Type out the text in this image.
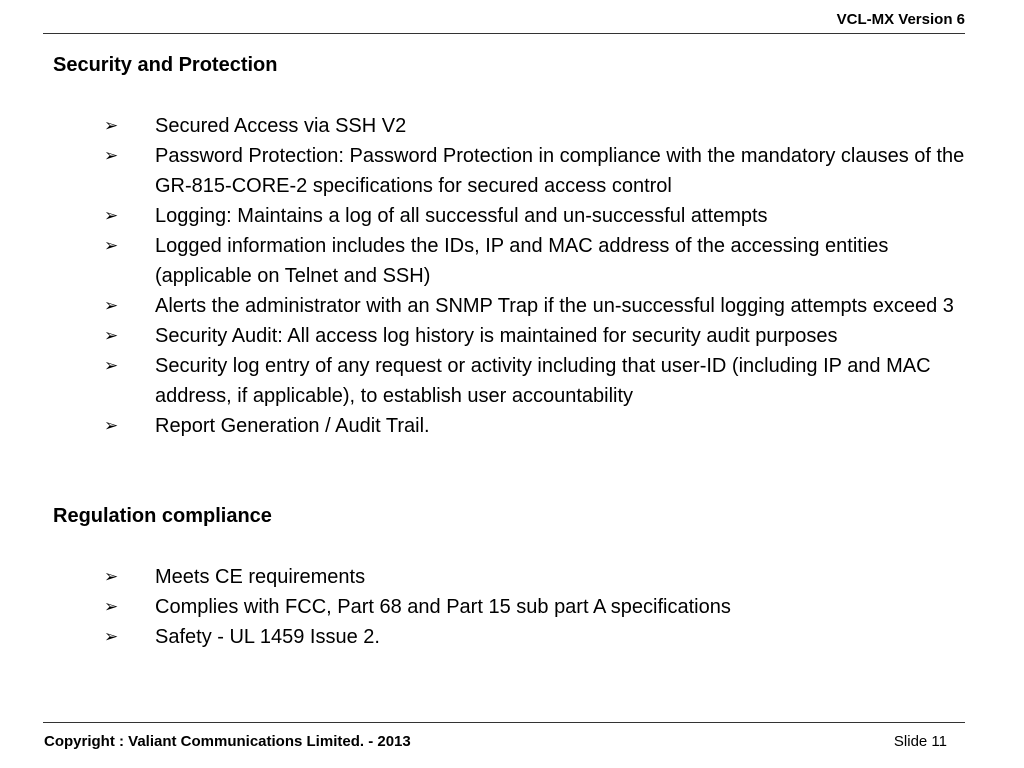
VCL-MX Version 6
Security and Protection
➢ Secured Access via SSH V2
➢ Password Protection: Password Protection in compliance with the mandatory clauses of the GR-815-CORE-2 specifications for secured access control
➢ Logging: Maintains a log of all successful and un-successful attempts
➢ Logged information includes the IDs, IP and MAC address of the accessing entities (applicable on Telnet and SSH)
➢ Alerts the administrator with an SNMP Trap if the un-successful logging attempts exceed 3
➢ Security Audit: All access log history is maintained for security audit purposes
➢ Security log entry of any request or activity including that user-ID (including IP and MAC address, if applicable), to establish user accountability
➢ Report Generation / Audit Trail.
Regulation compliance
➢ Meets CE requirements
➢ Complies with FCC, Part 68 and Part 15 sub part A specifications
➢ Safety - UL 1459 Issue 2.
Copyright : Valiant Communications Limited. - 2013	Slide 11
